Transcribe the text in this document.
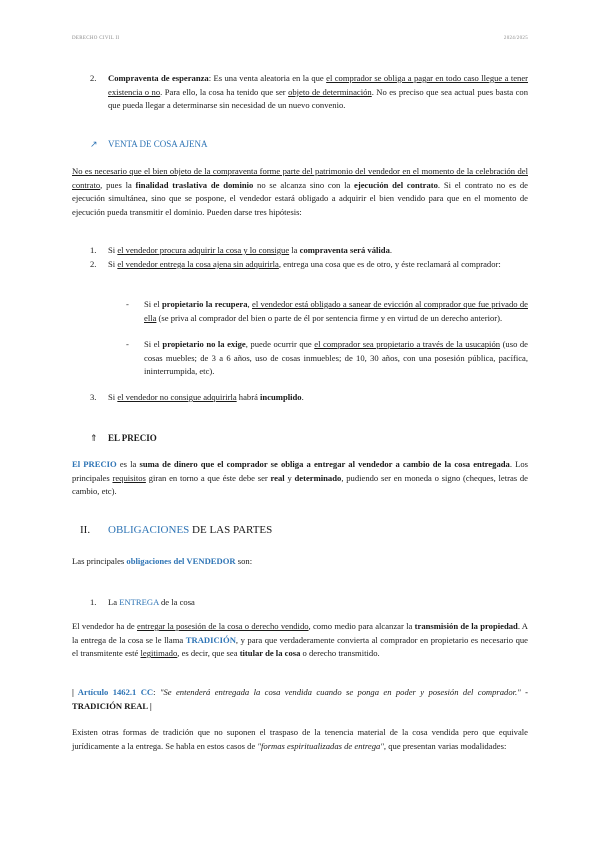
DERECHO CIVIL II	2024/2025
2. Compraventa de esperanza: Es una venta aleatoria en la que el comprador se obliga a pagar en todo caso llegue a tener existencia o no. Para ello, la cosa ha tenido que ser objeto de determinación. No es preciso que sea actual pues basta con que pueda llegar a determinarse sin necesidad de un nuevo convenio.

↗ VENTA DE COSA AJENA

No es necesario que el bien objeto de la compraventa forme parte del patrimonio del vendedor en el momento de la celebración del contrato, pues la finalidad traslativa de dominio no se alcanza sino con la ejecución del contrato. Si el contrato no es de ejecución simultánea, sino que se pospone, el vendedor estará obligado a adquirir el bien vendido para que en el momento de ejecución pueda transmitir el dominio. Pueden darse tres hipótesis:

1. Si el vendedor procura adquirir la cosa y lo consigue la compraventa será válida.

2. Si el vendedor entrega la cosa ajena sin adquirirla, entrega una cosa que es de otro, y éste reclamará al comprador:

- Si el propietario la recupera, el vendedor está obligado a sanear de evicción al comprador que fue privado de ella (se priva al comprador del bien o parte de él por sentencia firme y en virtud de un derecho anterior).

- Si el propietario no la exige, puede ocurrir que el comprador sea propietario a través de la usucapión (uso de cosas muebles; de 3 a 6 años, uso de cosas inmuebles; de 10, 30 años, con una posesión pública, pacífica, ininterrumpida, etc).

3. Si el vendedor no consigue adquirirla habrá incumplido.

⇑ EL PRECIO

El PRECIO es la suma de dinero que el comprador se obliga a entregar al vendedor a cambio de la cosa entregada. Los principales requisitos giran en torno a que éste debe ser real y determinado, pudiendo ser en moneda o signo (cheques, letras de cambio, etc).

II. OBLIGACIONES DE LAS PARTES

Las principales obligaciones del VENDEDOR son:

1. La ENTREGA de la cosa

El vendedor ha de entregar la posesión de la cosa o derecho vendido, como medio para alcanzar la transmisión de la propiedad. A la entrega de la cosa se le llama TRADICIÓN, y para que verdaderamente convierta al comprador en propietario es necesario que el transmitente esté legitimado, es decir, que sea titular de la cosa o derecho transmitido.

| Artículo 1462.1 CC: "Se entenderá entregada la cosa vendida cuando se ponga en poder y posesión del comprador." - TRADICIÓN REAL |

Existen otras formas de tradición que no suponen el traspaso de la tenencia material de la cosa vendida pero que equivale jurídicamente a la entrega. Se habla en estos casos de "formas espiritualizadas de entrega", que presentan varias modalidades:
